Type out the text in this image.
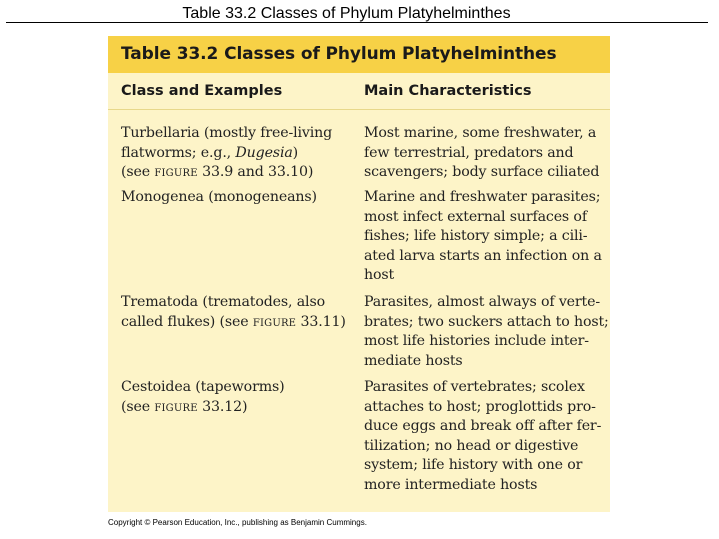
Table 33.2 Classes of Phylum Platyhelminthes
Table 33.2 Classes of Phylum Platyhelminthes
Class and Examples	Main Characteristics
Turbellaria (mostly free-living
flatworms; e.g., Dugesia)
(see figure 33.9 and 33.10)
Most marine, some freshwater, a
few terrestrial, predators and
scavengers; body surface ciliated
Monogenea (monogeneans)	Marine and freshwater parasites;
most infect external surfaces of
fishes; life history simple; a cili-
ated larva starts an infection on a
host
Trematoda (trematodes, also
called flukes) (see figure 33.11)
Parasites, almost always of verte-
brates; two suckers attach to host;
most life histories include inter-
mediate hosts
Cestoidea (tapeworms)
(see figure 33.12)
Parasites of vertebrates; scolex
attaches to host; proglottids pro-
duce eggs and break off after fer-
tilization; no head or digestive
system; life history with one or
more intermediate hosts
Copyright © Pearson Education, Inc., publishing as Benjamin Cummings.
